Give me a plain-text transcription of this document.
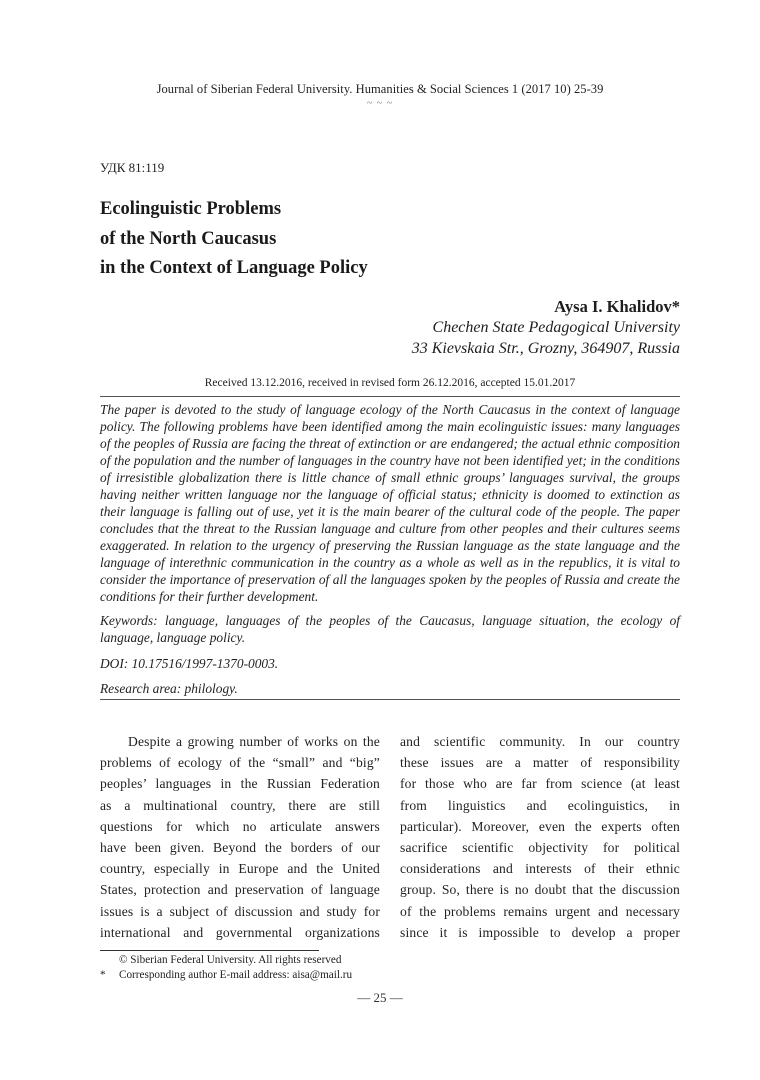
Journal of Siberian Federal University. Humanities & Social Sciences 1 (2017 10) 25-39
~ ~ ~
УДК 81:119
Ecolinguistic Problems
of the North Caucasus
in the Context of Language Policy
Aysa I. Khalidov*
Chechen State Pedagogical University
33 Kievskaia Str., Grozny, 364907, Russia
Received 13.12.2016, received in revised form 26.12.2016, accepted 15.01.2017
The paper is devoted to the study of language ecology of the North Caucasus in the context of language policy. The following problems have been identified among the main ecolinguistic issues: many languages of the peoples of Russia are facing the threat of extinction or are endangered; the actual ethnic composition of the population and the number of languages in the country have not been identified yet; in the conditions of irresistible globalization there is little chance of small ethnic groups’ languages survival, the groups having neither written language nor the language of official status; ethnicity is doomed to extinction as their language is falling out of use, yet it is the main bearer of the cultural code of the people. The paper concludes that the threat to the Russian language and culture from other peoples and their cultures seems exaggerated. In relation to the urgency of preserving the Russian language as the state language and the language of interethnic communication in the country as a whole as well as in the republics, it is vital to consider the importance of preservation of all the languages spoken by the peoples of Russia and create the conditions for their further development.
Keywords: language, languages of the peoples of the Caucasus, language situation, the ecology of language, language policy.
DOI: 10.17516/1997-1370-0003.
Research area: philology.
Despite a growing number of works on the
problems of ecology of the “small” and “big”
peoples’ languages in the Russian Federation
as a multinational country, there are still
questions for which no articulate answers
have been given. Beyond the borders of our
country, especially in Europe and the United
States, protection and preservation of language
issues is a subject of discussion and study for
international and governmental organizations
and scientific community. In our country
these issues are a matter of responsibility
for those who are far from science (at least
from linguistics and ecolinguistics, in
particular). Moreover, even the experts often
sacrifice scientific objectivity for political
considerations and interests of their ethnic
group. So, there is no doubt that the discussion
of the problems remains urgent and necessary
since it is impossible to develop a proper
© Siberian Federal University. All rights reserved
* Corresponding author E-mail address: aisa@mail.ru
— 25 —
